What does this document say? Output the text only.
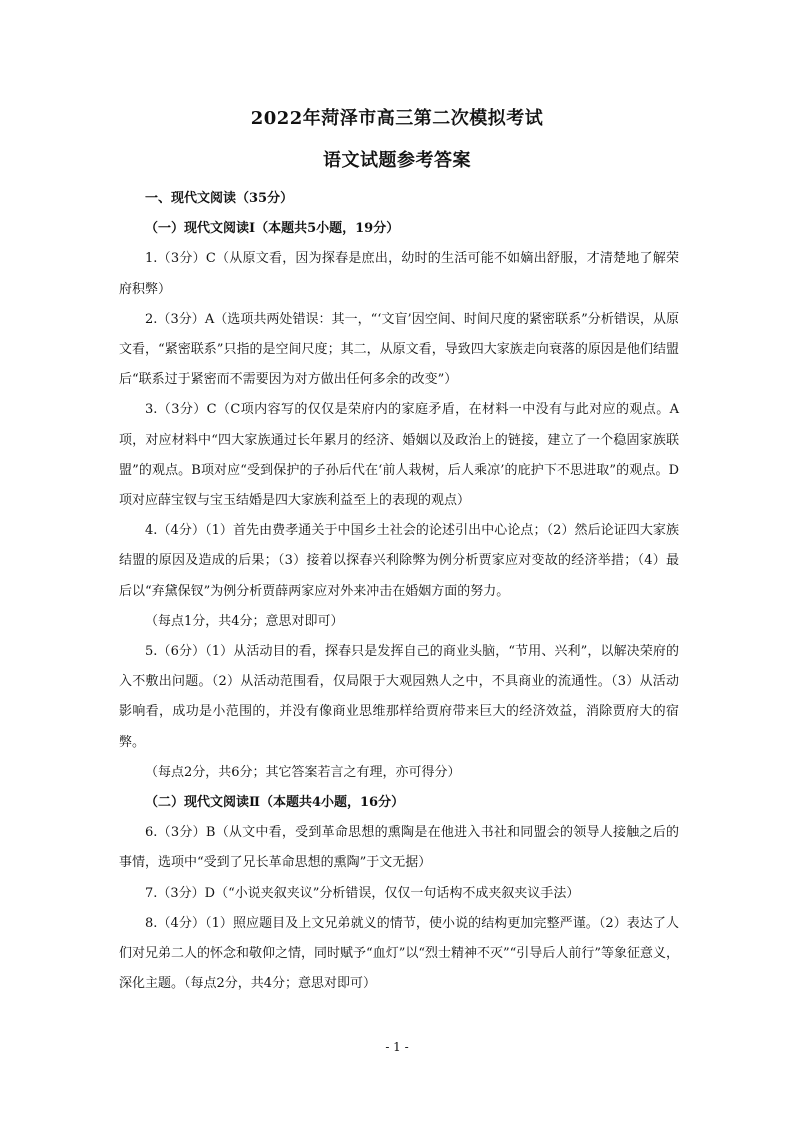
2022年菏泽市高三第二次模拟考试
语文试题参考答案

一、现代文阅读（35分）

（一）现代文阅读Ⅰ（本题共5小题，19分）

1.（3分）C（从原文看，因为探春是庶出，幼时的生活可能不如嫡出舒服，才清楚地了解荣府积弊）

2.（3分）A（选项共两处错误：其一，“‘文盲’因空间、时间尺度的紧密联系”分析错误，从原文看，“紧密联系”只指的是空间尺度；其二，从原文看，导致四大家族走向衰落的原因是他们结盟后“联系过于紧密而不需要因为对方做出任何多余的改变”）

3.（3分）C（C项内容写的仅仅是荣府内的家庭矛盾，在材料一中没有与此对应的观点。A项，对应材料中“四大家族通过长年累月的经济、婚姻以及政治上的链接，建立了一个稳固家族联盟”的观点。B项对应“受到保护的子孙后代在‘前人栽树，后人乘凉’的庇护下不思进取”的观点。D项对应薛宝钗与宝玉结婚是四大家族利益至上的表现的观点）

4.（4分）（1）首先由费孝通关于中国乡土社会的论述引出中心论点；（2）然后论证四大家族结盟的原因及造成的后果；（3）接着以探春兴利除弊为例分析贾家应对变故的经济举措；（4）最后以“弃黛保钗”为例分析贾薛两家应对外来冲击在婚姻方面的努力。

（每点1分，共4分；意思对即可）

5.（6分）（1）从活动目的看，探春只是发挥自己的商业头脑，“节用、兴利”，以解决荣府的入不敷出问题。（2）从活动范围看，仅局限于大观园熟人之中，不具商业的流通性。（3）从活动影响看，成功是小范围的，并没有像商业思维那样给贾府带来巨大的经济效益，消除贾府大的宿弊。

（每点2分，共6分；其它答案若言之有理，亦可得分）

（二）现代文阅读Ⅱ（本题共4小题，16分）

6.（3分）B（从文中看，受到革命思想的熏陶是在他进入书社和同盟会的领导人接触之后的事情，选项中“受到了兄长革命思想的熏陶”于文无据）

7.（3分）D（“小说夹叙夹议”分析错误，仅仅一句话构不成夹叙夹议手法）

8.（4分）（1）照应题目及上文兄弟就义的情节，使小说的结构更加完整严谨。（2）表达了人们对兄弟二人的怀念和敬仰之情，同时赋予“血灯”以“烈士精神不灭”“引导后人前行”等象征意义，深化主题。（每点2分，共4分；意思对即可）

- 1 -
